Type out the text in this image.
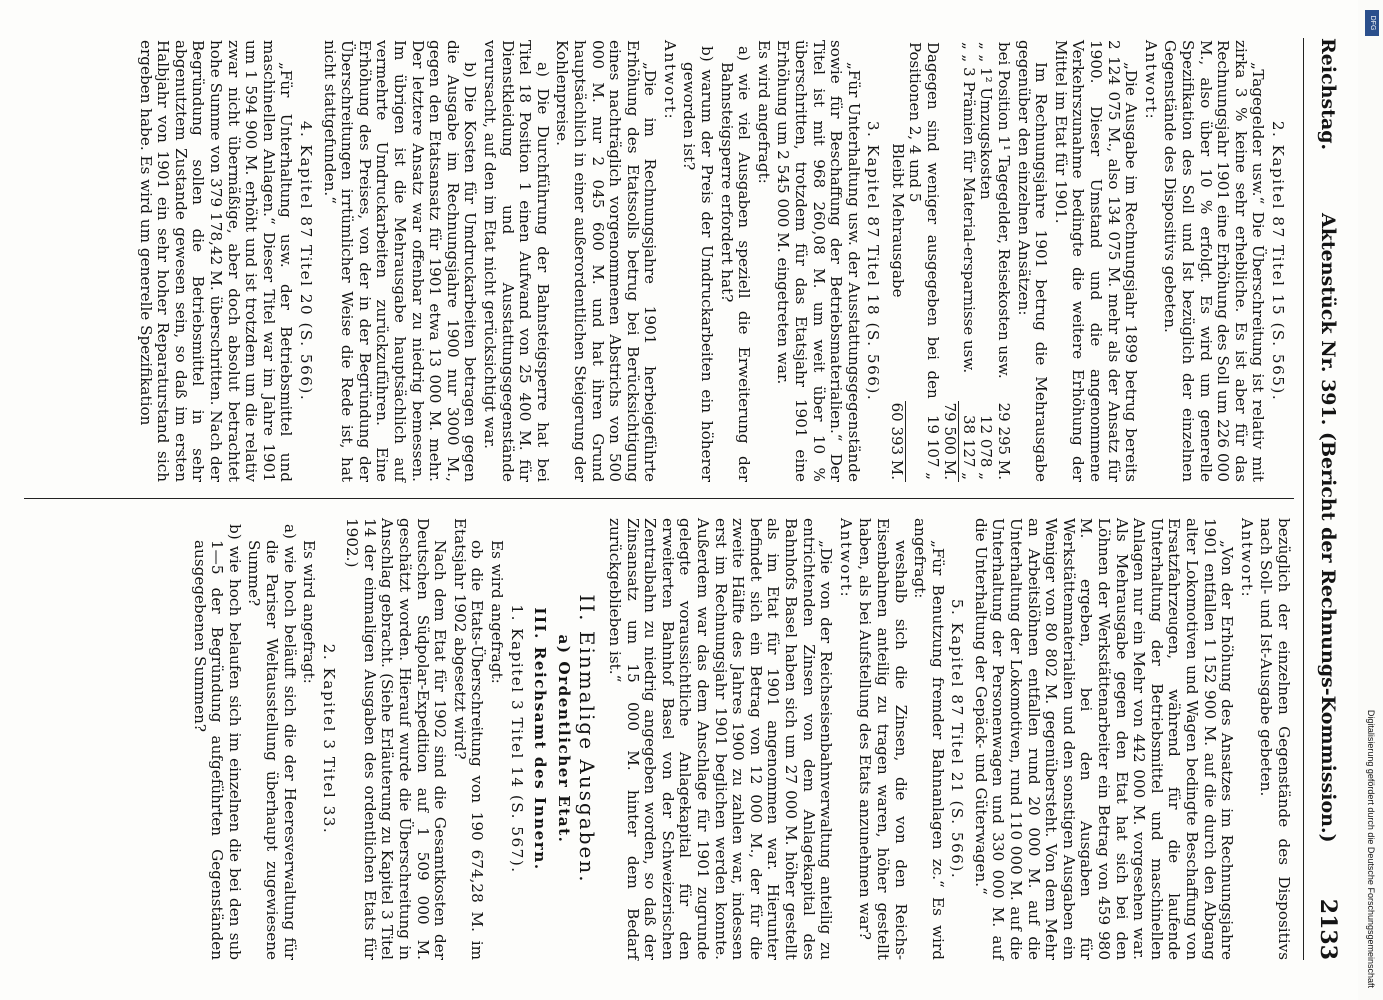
Reichstag.
Aktenstück Nr. 391. (Bericht der Rechnungs-Kommission.)
2133

2. Kapitel 87 Titel 15 (S. 565).

„Tagegelder usw.“ Die Überschreitung ist relativ mit zirka 3 % keine sehr erhebliche. Es ist aber für das Rechnungsjahr 1901 eine Erhöhung des Soll um 226 000 M., also über 10 % erfolgt. Es wird um generelle Spezifikation des Soll und Ist bezüglich der einzelnen Gegenstände des Dispositivs gebeten.

Antwort:

„Die Ausgabe im Rechnungsjahr 1899 betrug bereits 2 124 075 M., also 134 075 M. mehr als der Ansatz für 1900. Dieser Umstand und die angenommene Verkehrszunahme bedingte die weitere Erhöhung der Mittel im Etat für 1901.

Im Rechnungsjahre 1901 betrug die Mehrausgabe gegenüber den einzelnen Ansätzen:

bei Position 1¹ Tagegelder, Reisekosten usw.	29 295 M.
„ „ 1² Umzugskosten	12 078 „
„ „ 3 Prämien für Material-ersparnisse usw.	38 127 „
	79 500 M.
Dagegen sind weniger ausgegeben bei den Positionen 2, 4 und 5	19 107 „
Bleibt Mehrausgabe	60 393 M.

3. Kapitel 87 Titel 18 (S. 566).

„Für Unterhaltung usw. der Ausstattungsgegenstände sowie für Beschaffung der Betriebsmaterialien.“ Der Titel ist mit 968 260,08 M. um weit über 10 % überschritten, trotzdem für das Etatsjahr 1901 eine Erhöhung um 2 545 000 M. eingetreten war.

Es wird angefragt:

a) wie viel Ausgaben speziell die Erweiterung der Bahnsteigsperre erfordert hat?

b) warum der Preis der Umdruckarbeiten ein höherer geworden ist?

Antwort:

„Die im Rechnungsjahre 1901 herbeigeführte Erhöhung des Etatssolls betrug bei Berücksichtigung eines nachträglich vorgenommenen Abstrichs von 500 000 M. nur 2 045 600 M. und hat ihren Grund hauptsächlich in einer außerordentlichen Steigerung der Kohlenpreise.

a) Die Durchführung der Bahnsteigsperre hat bei Titel 18 Position 1 einen Aufwand von 25 400 M. für Dienstkleidung und Ausstattungsgegenstände verursacht, auf den im Etat nicht gerücksichtigt war.

b) Die Kosten für Umdruckarbeiten betragen gegen die Ausgabe im Rechnungsjahre 1900 nur 3000 M., gegen den Etatsansatz für 1901 etwa 13 000 M. mehr. Der letztere Ansatz war offenbar zu niedrig bemessen. Im übrigen ist die Mehrausgabe hauptsächlich auf vermehrte Umdruckarbeiten zurückzuführen. Eine Erhöhung des Preises, von der in der Begründung der Überschreitungen irrtümlicher Weise die Rede ist, hat nicht stattgefunden.“

4. Kapitel 87 Titel 20 (S. 566).

„Für Unterhaltung usw. der Betriebsmittel und maschinellen Anlagen.“ Dieser Titel war im Jahre 1901 um 1 594 900 M. erhöht und ist trotzdem um die relativ zwar nicht übermäßige, aber doch absolut betrachtet hohe Summe von 379 178,42 M. überschritten. Nach der Begründung sollen die Betriebsmittel in sehr abgenutztem Zustande gewesen sein, so daß im ersten Halbjahr von 1901 ein sehr hoher Reparaturstand sich ergeben habe. Es wird um generelle Spezifikation

bezüglich der einzelnen Gegenstände des Dispositivs nach Soll- und Ist-Ausgabe gebeten.

Antwort:

„Von der Erhöhung des Ansatzes im Rechnungsjahre 1901 entfallen 1 152 900 M. auf die durch den Abgang alter Lokomotiven und Wagen bedingte Beschaffung von Ersatzfahrzeugen, während für die laufende Unterhaltung der Betriebsmittel und maschinellen Anlagen nur ein Mehr von 442 000 M. vorgesehen war. Als Mehrausgabe gegen den Etat hat sich bei den Löhnen der Werkstättenarbeiter ein Betrag von 459 980 M. ergeben, bei den Ausgaben für Werkstättenmaterialien und den sonstigen Ausgaben ein Weniger von 80 802 M. gegenübersteht. Von dem Mehr an Arbeitslöhnen entfallen rund 20 000 M. auf die Unterhaltung der Lokomotiven, rund 110 000 M. auf die Unterhaltung der Personenwagen und 330 000 M. auf die Unterhaltung der Gepäck- und Güterwagen.“

5. Kapitel 87 Titel 21 (S. 566).

„Für Benutzung fremder Bahnanlagen zc.“ Es wird angefragt:

weshalb sich die Zinsen, die von den Reichs-Eisenbahnen anteilig zu tragen waren, höher gestellt haben, als bei Aufstellung des Etats anzunehmen war?

Antwort:

„Die von der Reichseisenbahnverwaltung anteilig zu entrichtenden Zinsen von dem Anlagekapital des Bahnhofs Basel haben sich um 27 000 M. höher gestellt als im Etat für 1901 angenommen war. Hierunter befindet sich ein Betrag von 12 000 M., der für die zweite Hälfte des Jahres 1900 zu zahlen war, indessen erst im Rechnungsjahr 1901 beglichen werden konnte. Außerdem war das dem Anschlage für 1901 zugrunde gelegte voraussichtliche Anlagekapital für den erweiterten Bahnhof Basel von der Schweizerischen Zentralbahn zu niedrig angegeben worden, so daß der Zinsansatz um 15 000 M. hinter dem Bedarf zurückgeblieben ist.“

II. Einmalige Ausgaben.

a) Ordentlicher Etat.

III. Reichsamt des Innern.

1. Kapitel 3 Titel 14 (S. 567).

Es wird angefragt:

ob die Etats-Überschreitung von 190 674,28 M. im Etatsjahr 1902 abgesetzt wird?

Nach dem Etat für 1902 sind die Gesamtkosten der Deutschen Südpolar-Expedition auf 1 509 000 M. geschätzt worden. Hierauf wurde die Überschreitung in Anschlag gebracht. (Siehe Erläuterung zu Kapitel 3 Titel 14 der einmaligen Ausgaben des ordentlichen Etats für 1902.)

2. Kapitel 3 Titel 33.

Es wird angefragt:

a) wie hoch beläuft sich die der Heeresverwaltung für die Pariser Weltausstellung überhaupt zugewiesene Summe?

b) wie hoch belaufen sich im einzelnen die bei den sub 1—5 der Begründung aufgeführten Gegenständen ausgegebenen Summen?

Digitalisierung gefördert durch die Deutsche Forschungsgemeinschaft
DFG
